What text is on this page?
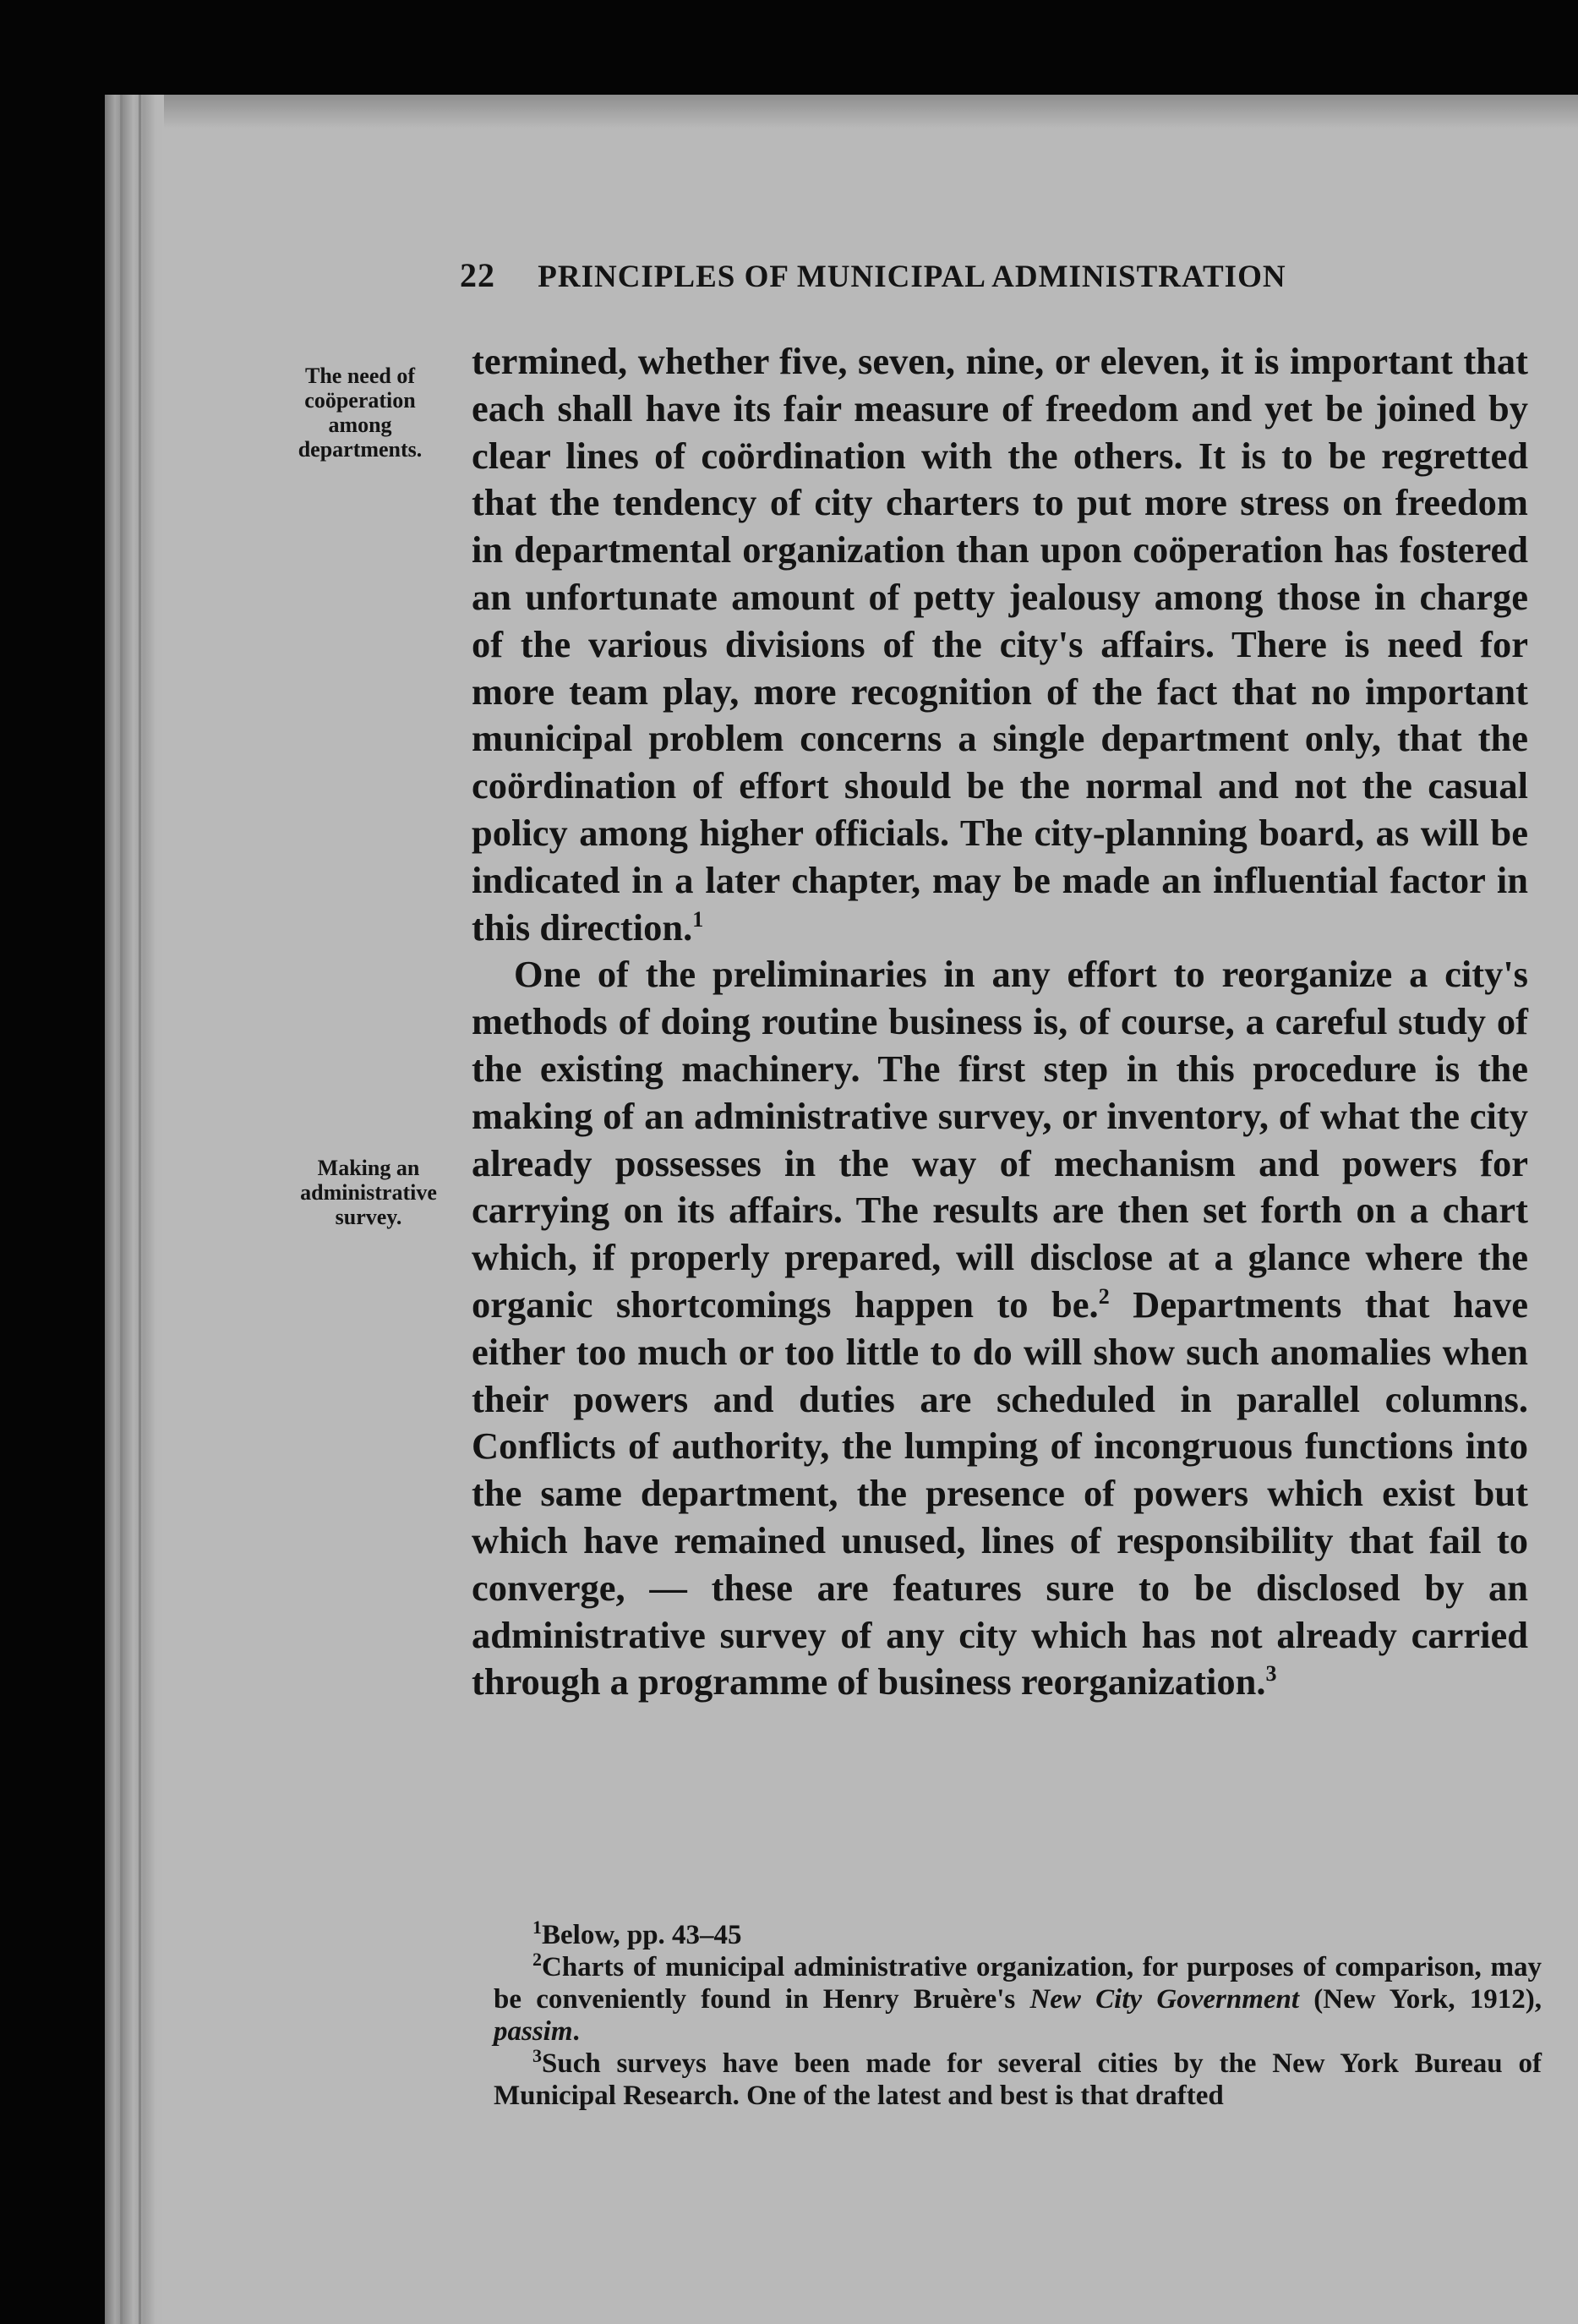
22 PRINCIPLES OF MUNICIPAL ADMINISTRATION
The need of coöperation among departments.
Making an administrative survey.

termined, whether five, seven, nine, or eleven, it is important that each shall have its fair measure of freedom and yet be joined by clear lines of coördination with the others. It is to be regretted that the tendency of city charters to put more stress on freedom in departmental organization than upon coöperation has fostered an unfortunate amount of petty jealousy among those in charge of the various divisions of the city's affairs. There is need for more team play, more recognition of the fact that no important municipal problem concerns a single department only, that the coördination of effort should be the normal and not the casual policy among higher officials. The city-planning board, as will be indicated in a later chapter, may be made an influential factor in this direction.$^1$

One of the preliminaries in any effort to reorganize a city's methods of doing routine business is, of course, a careful study of the existing machinery. The first step in this procedure is the making of an administrative survey, or inventory, of what the city already possesses in the way of mechanism and powers for carrying on its affairs. The results are then set forth on a chart which, if properly prepared, will disclose at a glance where the organic shortcomings happen to be.$^2$ Departments that have either too much or too little to do will show such anomalies when their powers and duties are scheduled in parallel columns. Conflicts of authority, the lumping of incongruous functions into the same department, the presence of powers which exist but which have remained unused, lines of responsibility that fail to converge, — these are features sure to be disclosed by an administrative survey of any city which has not already carried through a programme of business reorganization.$^3$

$^1$Below, pp. 43–45

$^2$Charts of municipal administrative organization, for purposes of comparison, may be conveniently found in Henry Bruère's New City Government (New York, 1912), passim.

$^3$Such surveys have been made for several cities by the New York Bureau of Municipal Research. One of the latest and best is that drafted
